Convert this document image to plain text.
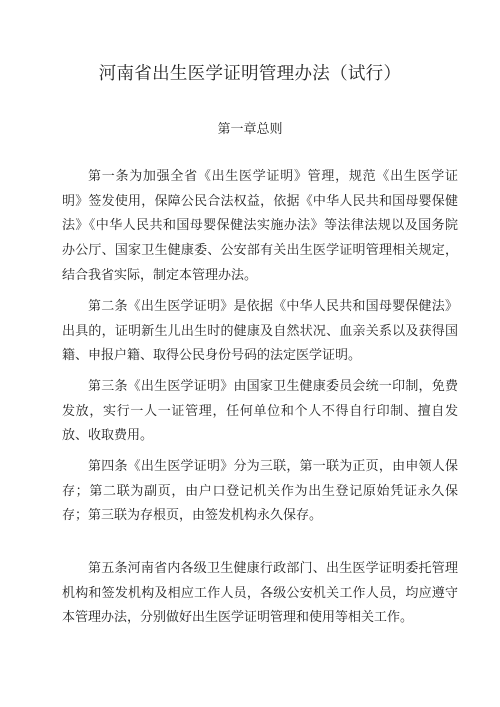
河南省出生医学证明管理办法（试行）
第一章总则

第一条为加强全省《出生医学证明》管理，规范《出生医学证明》签发使用，保障公民合法权益，依据《中华人民共和国母婴保健法》《中华人民共和国母婴保健法实施办法》等法律法规以及国务院办公厅、国家卫生健康委、公安部有关出生医学证明管理相关规定，结合我省实际，制定本管理办法。

第二条《出生医学证明》是依据《中华人民共和国母婴保健法》出具的，证明新生儿出生时的健康及自然状况、血亲关系以及获得国籍、申报户籍、取得公民身份号码的法定医学证明。

第三条《出生医学证明》由国家卫生健康委员会统一印制，免费发放，实行一人一证管理，任何单位和个人不得自行印制、擅自发放、收取费用。

第四条《出生医学证明》分为三联，第一联为正页，由申领人保存；第二联为副页，由户口登记机关作为出生登记原始凭证永久保存；第三联为存根页，由签发机构永久保存。

第五条河南省内各级卫生健康行政部门、出生医学证明委托管理机构和签发机构及相应工作人员，各级公安机关工作人员，均应遵守本管理办法，分别做好出生医学证明管理和使用等相关工作。
